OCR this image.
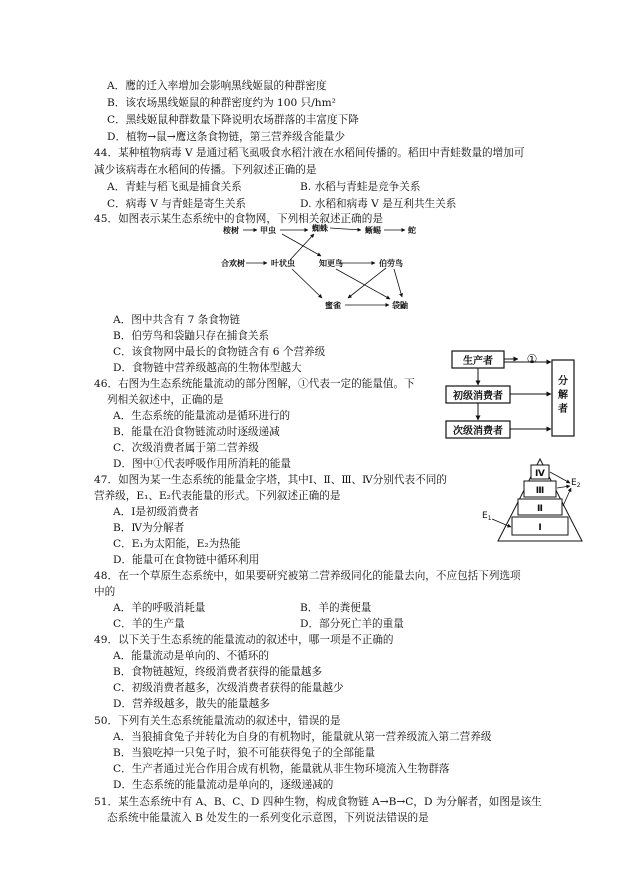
A．鹰的迁入率增加会影响黑线姬鼠的种群密度
B．该农场黑线姬鼠的种群密度约为 100 只/hm²
C．黑线姬鼠种群数量下降说明农场群落的丰富度下降
D．植物→鼠→鹰这条食物链，第三营养级含能量少
44．某种植物病毒 V 是通过稻飞虱吸食水稻汁液在水稻间传播的。稻田中青蛙数量的增加可
减少该病毒在水稻间的传播。下列叙述正确的是
A．青蛙与稻飞虱是捕食关系	B. 水稻与青蛙是竞争关系
C．病毒 V 与青蛙是寄生关系	D. 水稻和病毒 V 是互利共生关系
45．如图表示某生态系统中的食物网，下列相关叙述正确的是
桉树	甲虫	蜘蛛	蜥蜴	蛇
合欢树	叶状虫	知更鸟	伯劳鸟
蜜雀	袋鼬
A．图中共含有 7 条食物链
B．伯劳鸟和袋鼬只存在捕食关系
C．该食物网中最长的食物链含有 6 个营养级
D．食物链中营养级越高的生物体型越大
46．右图为生态系统能量流动的部分图解，①代表一定的能量值。下
列相关叙述中，正确的是
A．生态系统的能量流动是循环进行的
B．能量在沿食物链流动时逐级递减
C．次级消费者属于第二营养级
D．图中①代表呼吸作用所消耗的能量
生产者
初级消费者
次级消费者
①
分
解
者
47．如图为某一生态系统的能量金字塔，其中Ⅰ、Ⅱ、Ⅲ、Ⅳ分别代表不同的
营养级，E₁、E₂代表能量的形式。下列叙述正确的是
A．Ⅰ是初级消费者
B．Ⅳ为分解者
C．E₁为太阳能，E₂为热能
D．能量可在食物链中循环利用
Ⅳ
Ⅲ
Ⅱ
Ⅰ
$E_1$
$E_2$
48．在一个草原生态系统中，如果要研究被第二营养级同化的能量去向，不应包括下列选项
中的
A．羊的呼吸消耗量	B．羊的粪便量
C．羊的生产量	D．部分死亡羊的重量
49．以下关于生态系统的能量流动的叙述中，哪一项是不正确的
A．能量流动是单向的、不循环的
B．食物链越短，终级消费者获得的能量越多
C．初级消费者越多，次级消费者获得的能量越少
D．营养级越多，散失的能量越多
50．下列有关生态系统能量流动的叙述中，错误的是
A．当狼捕食兔子并转化为自身的有机物时，能量就从第一营养级流入第二营养级
B．当狼吃掉一只兔子时，狼不可能获得兔子的全部能量
C．生产者通过光合作用合成有机物，能量就从非生物环境流入生物群落
D．生态系统的能量流动是单向的，逐级递减的
51．某生态系统中有 A、B、C、D 四种生物，构成食物链 A→B→C，D 为分解者，如图是该生
态系统中能量流入 B 处发生的一系列变化示意图，下列说法错误的是
